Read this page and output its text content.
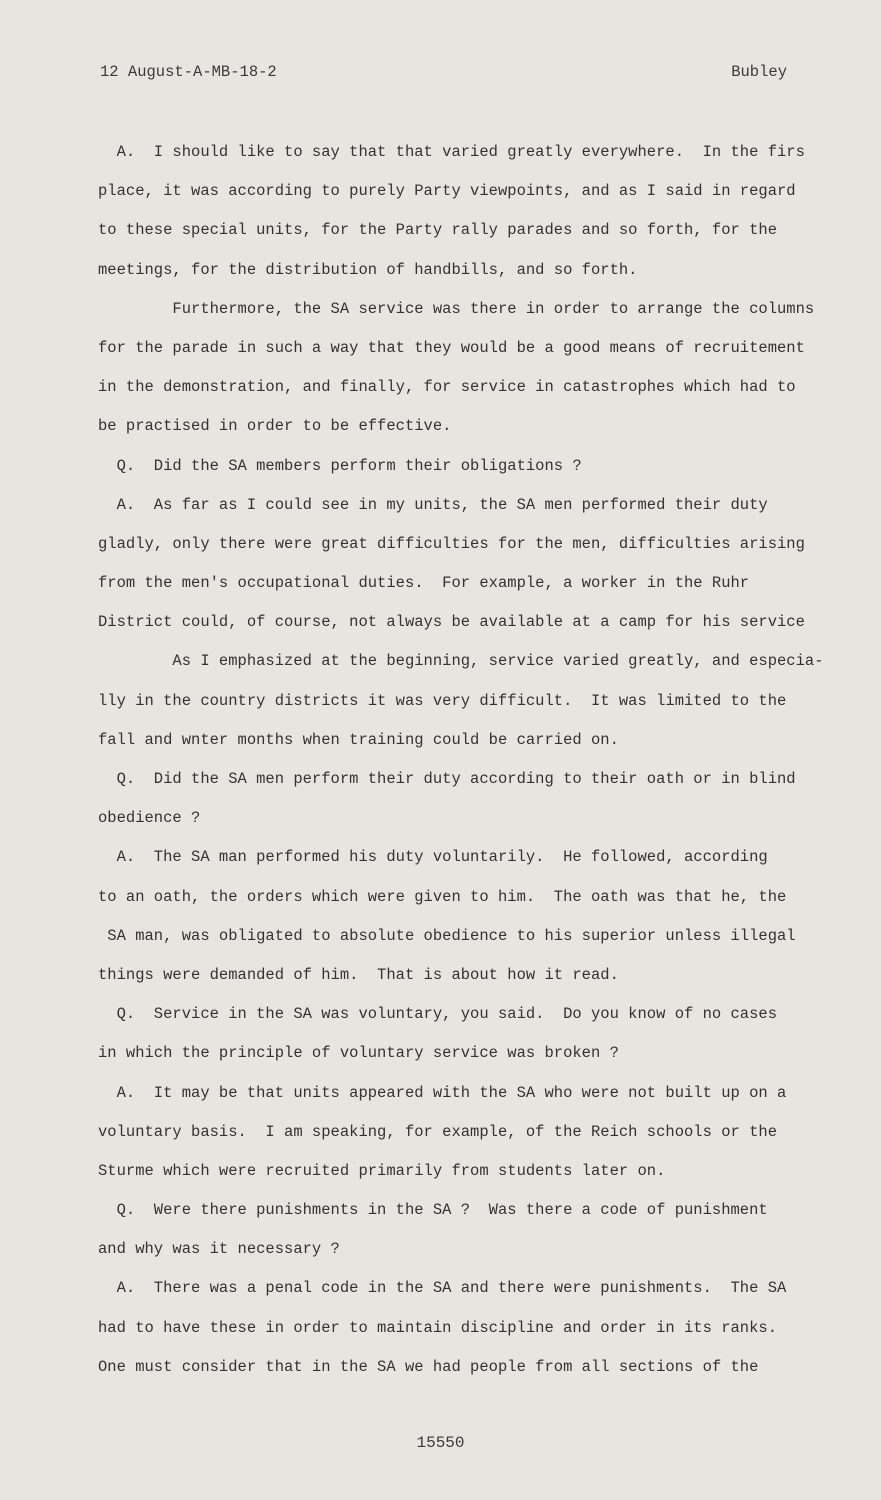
12 August-A-MB-18-2	Bubley
A.  I should like to say that that varied greatly everywhere.  In the firs
place, it was according to purely Party viewpoints, and as I said in regard
to these special units, for the Party rally parades and so forth, for the
meetings, for the distribution of handbills, and so forth.
Furthermore, the SA service was there in order to arrange the columns
for the parade in such a way that they would be a good means of recruitement
in the demonstration, and finally, for service in catastrophes which had to
be practised in order to be effective.
Q.  Did the SA members perform their obligations ?
A.  As far as I could see in my units, the SA men performed their duty
gladly, only there were great difficulties for the men, difficulties arising
from the men's occupational duties.  For example, a worker in the Ruhr
District could, of course, not always be available at a camp for his service
As I emphasized at the beginning, service varied greatly, and especia-
lly in the country districts it was very difficult.  It was limited to the
fall and wnter months when training could be carried on.
Q.  Did the SA men perform their duty according to their oath or in blind
obedience ?
A.  The SA man performed his duty voluntarily.  He followed, according
to an oath, the orders which were given to him.  The oath was that he, the
SA man, was obligated to absolute obedience to his superior unless illegal
things were demanded of him.  That is about how it read.
Q.  Service in the SA was voluntary, you said.  Do you know of no cases
in which the principle of voluntary service was broken ?
A.  It may be that units appeared with the SA who were not built up on a
voluntary basis.  I am speaking, for example, of the Reich schools or the
Sturme which were recruited primarily from students later on.
Q.  Were there punishments in the SA ?  Was there a code of punishment
and why was it necessary ?
A.  There was a penal code in the SA and there were punishments.  The SA
had to have these in order to maintain discipline and order in its ranks.
One must consider that in the SA we had people from all sections of the
15550
